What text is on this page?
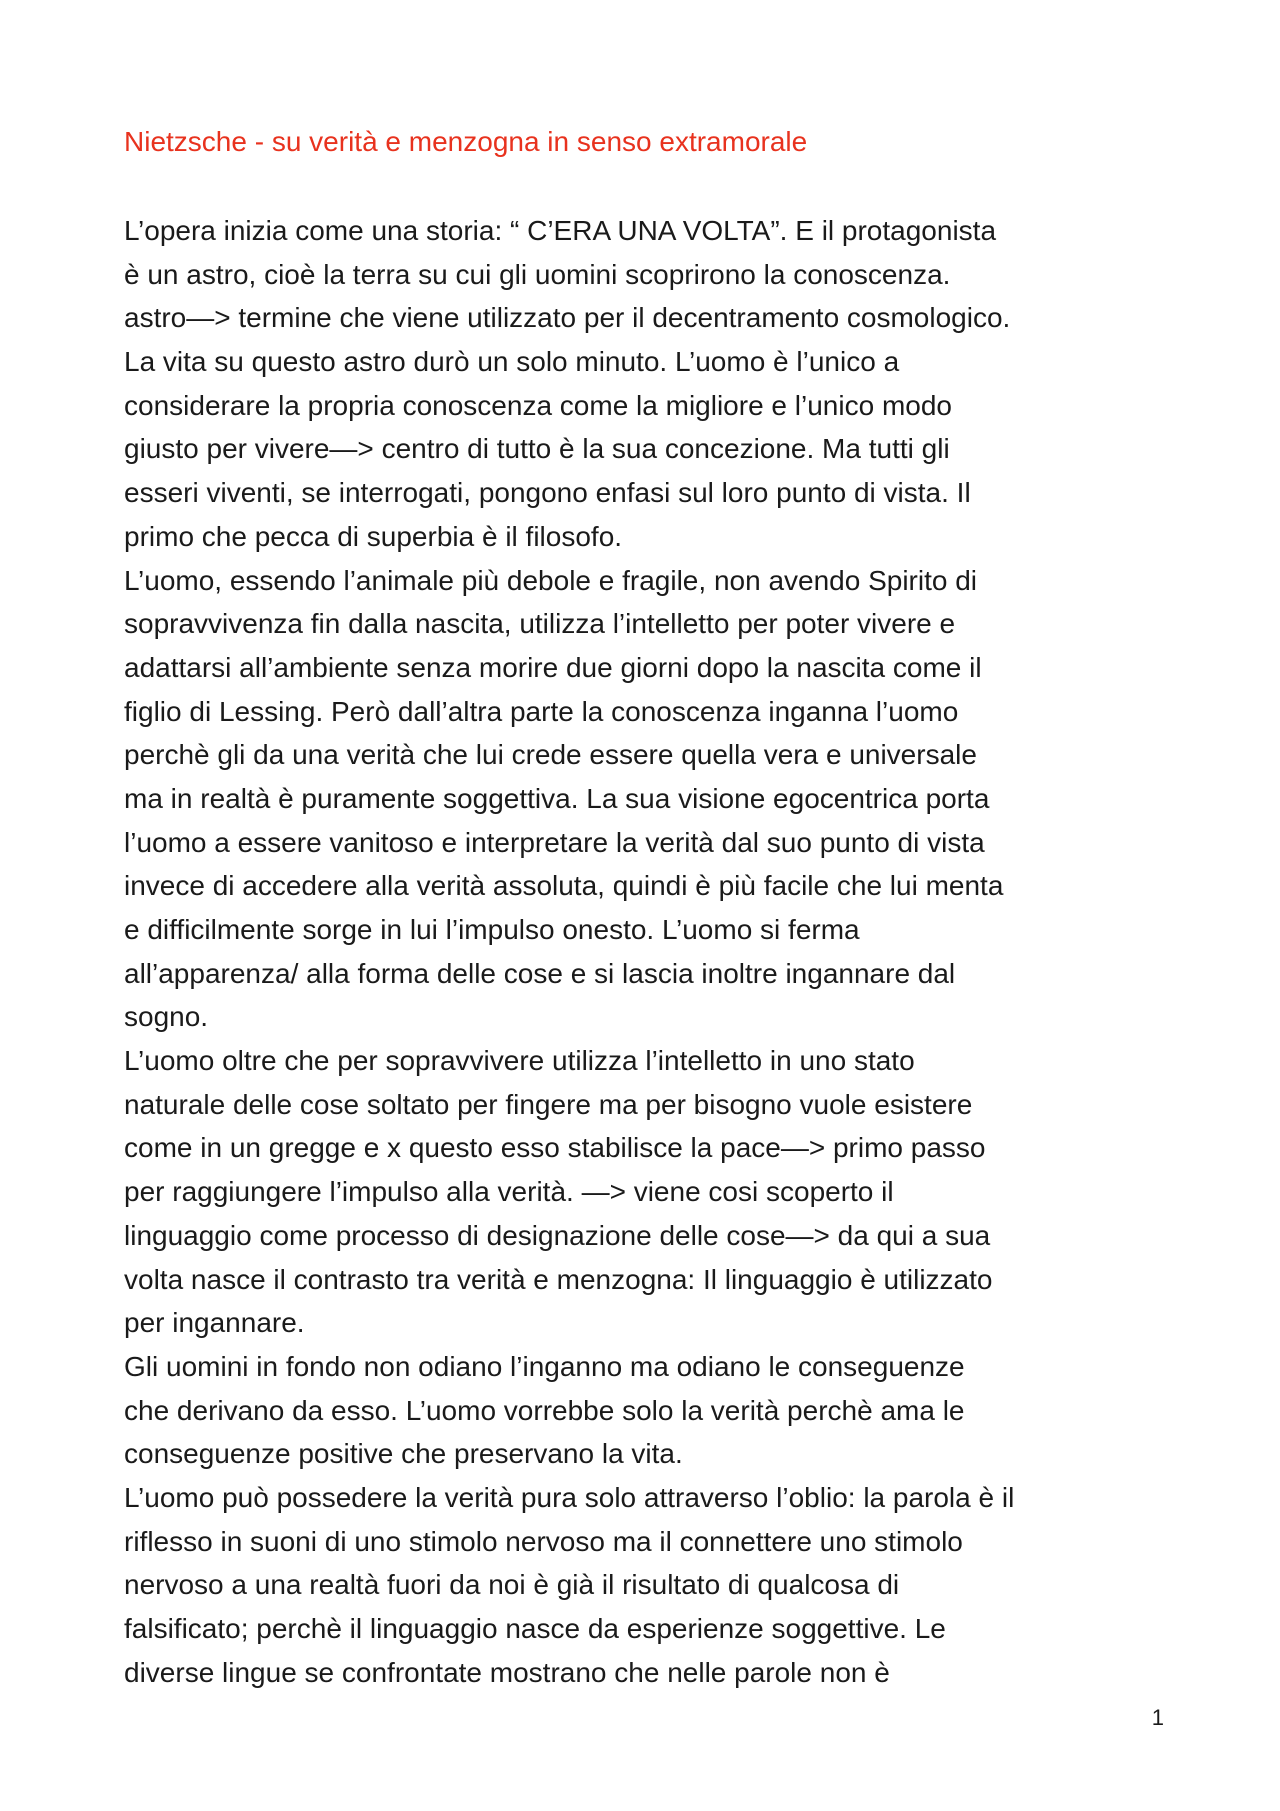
Nietzsche - su verità e menzogna in senso extramorale
L’opera inizia come una storia: “ C’ERA UNA VOLTA”. E il protagonista
è un astro, cioè la terra su cui gli uomini scoprirono la conoscenza.
astro—> termine che viene utilizzato per il decentramento cosmologico.
La vita su questo astro durò un solo minuto. L’uomo è l’unico a
considerare la propria conoscenza come la migliore e l’unico modo
giusto per vivere—> centro di tutto è la sua concezione. Ma tutti gli
esseri viventi, se interrogati, pongono enfasi sul loro punto di vista. Il
primo che pecca di superbia è il filosofo.
L’uomo, essendo l’animale più debole e fragile, non avendo Spirito di
sopravvivenza fin dalla nascita, utilizza l’intelletto per poter vivere e
adattarsi all’ambiente senza morire due giorni dopo la nascita come il
figlio di Lessing. Però dall’altra parte la conoscenza inganna l’uomo
perchè gli da una verità che lui crede essere quella vera e universale
ma in realtà è puramente soggettiva. La sua visione egocentrica porta
l’uomo a essere vanitoso e interpretare la verità dal suo punto di vista
invece di accedere alla verità assoluta, quindi è più facile che lui menta
e difficilmente sorge in lui l’impulso onesto. L’uomo si ferma
all’apparenza/ alla forma delle cose e si lascia inoltre ingannare dal
sogno.
L’uomo oltre che per sopravvivere utilizza l’intelletto in uno stato
naturale delle cose soltato per fingere ma per bisogno vuole esistere
come in un gregge e x questo esso stabilisce la pace—> primo passo
per raggiungere l’impulso alla verità. —> viene cosi scoperto il
linguaggio come processo di designazione delle cose—> da qui a sua
volta nasce il contrasto tra verità e menzogna: Il linguaggio è utilizzato
per ingannare.
Gli uomini in fondo non odiano l’inganno ma odiano le conseguenze
che derivano da esso. L’uomo vorrebbe solo la verità perchè ama le
conseguenze positive che preservano la vita.
L’uomo può possedere la verità pura solo attraverso l’oblio: la parola è il
riflesso in suoni di uno stimolo nervoso ma il connettere uno stimolo
nervoso a una realtà fuori da noi è già il risultato di qualcosa di
falsificato; perchè il linguaggio nasce da esperienze soggettive. Le
diverse lingue se confrontate mostrano che nelle parole non è
1
